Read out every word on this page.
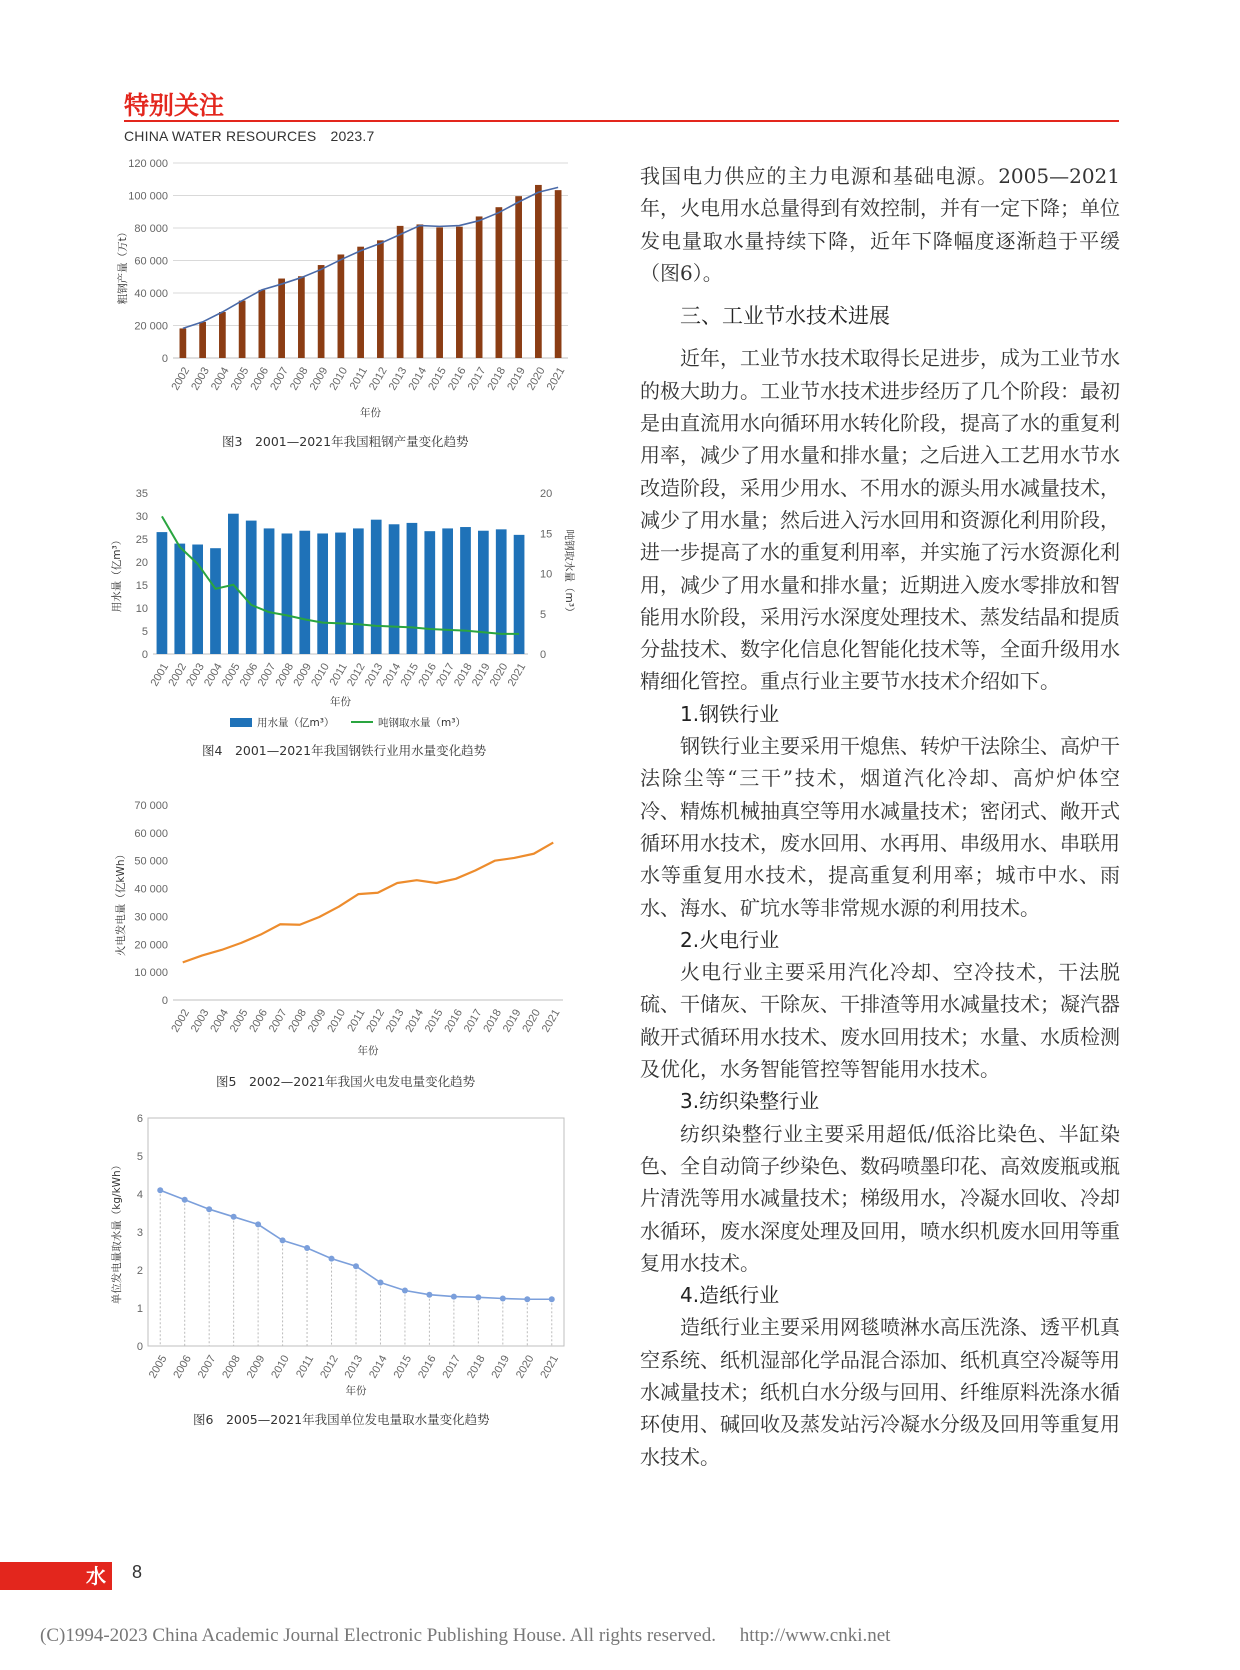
特别关注
CHINA WATER RESOURCES 2023.7
0
20 000
40 000
60 000
80 000
100 000
120 000
2002
2003
2004
2005
2006
2007
2008
2009
2010
2011
2012
2013
2014
2015
2016
2017
2018
2019
2020
2021
年份
粗钢产量（万t）
图3　2001—2021年我国粗钢产量变化趋势
0
5
10
15
20
25
30
35
0
5
10
15
20
2001
2002
2003
2004
2005
2006
2007
2008
2009
2010
2011
2012
2013
2014
2015
2016
2017
2018
2019
2020
2021
年份
用水量（亿m³）	吨钢取水量（m³）
用水量（亿m³）	吨钢取水量（m³）
图4　2001—2021年我国钢铁行业用水量变化趋势
0
10 000
20 000
30 000
40 000
50 000
60 000
70 000
2002
2003
2004
2005
2006
2007
2008
2009
2010
2011
2012
2013
2014
2015
2016
2017
2018
2019
2020
2021
年份
火电发电量（亿kWh）
图5　2002—2021年我国火电发电量变化趋势
0
1
2
3
4
5
6
2005 2006 2007 2008 2009 2010 2011 2012 2013 2014 2015 2016 2017 2018 2019 2020 2021
年份
单位发电量取水量（kg/kWh）
图6　2005—2021年我国单位发电量取水量变化趋势

我国电力供应的主力电源和基础电源。2005—2021年，火电用水总量得到有效控制，并有一定下降；单位发电量取水量持续下降，近年下降幅度逐渐趋于平缓（图6）。

三、工业节水技术进展

近年，工业节水技术取得长足进步，成为工业节水的极大助力。工业节水技术进步经历了几个阶段：最初是由直流用水向循环用水转化阶段，提高了水的重复利用率，减少了用水量和排水量；之后进入工艺用水节水改造阶段，采用少用水、不用水的源头用水减量技术，减少了用水量；然后进入污水回用和资源化利用阶段，进一步提高了水的重复利用率，并实施了污水资源化利用，减少了用水量和排水量；近期进入废水零排放和智能用水阶段，采用污水深度处理技术、蒸发结晶和提质分盐技术、数字化信息化智能化技术等，全面升级用水精细化管控。重点行业主要节水技术介绍如下。

1.钢铁行业

钢铁行业主要采用干熄焦、转炉干法除尘、高炉干法除尘等“三干”技术，烟道汽化冷却、高炉炉体空冷、精炼机械抽真空等用水减量技术；密闭式、敞开式循环用水技术，废水回用、水再用、串级用水、串联用水等重复用水技术，提高重复利用率；城市中水、雨水、海水、矿坑水等非常规水源的利用技术。

2.火电行业

火电行业主要采用汽化冷却、空冷技术，干法脱硫、干储灰、干除灰、干排渣等用水减量技术；凝汽器敞开式循环用水技术、废水回用技术；水量、水质检测及优化，水务智能管控等智能用水技术。

3.纺织染整行业

纺织染整行业主要采用超低/低浴比染色、半缸染色、全自动筒子纱染色、数码喷墨印花、高效废瓶或瓶片清洗等用水减量技术；梯级用水，冷凝水回收、冷却水循环，废水深度处理及回用，喷水织机废水回用等重复用水技术。

4.造纸行业

造纸行业主要采用网毯喷淋水高压洗涤、透平机真空系统、纸机湿部化学品混合添加、纸机真空冷凝等用水减量技术；纸机白水分级与回用、纤维原料洗涤水循环使用、碱回收及蒸发站污冷凝水分级及回用等重复用水技术。

水 8
(C)1994-2023 China Academic Journal Electronic Publishing House. All rights reserved.　 http://www.cnki.net
